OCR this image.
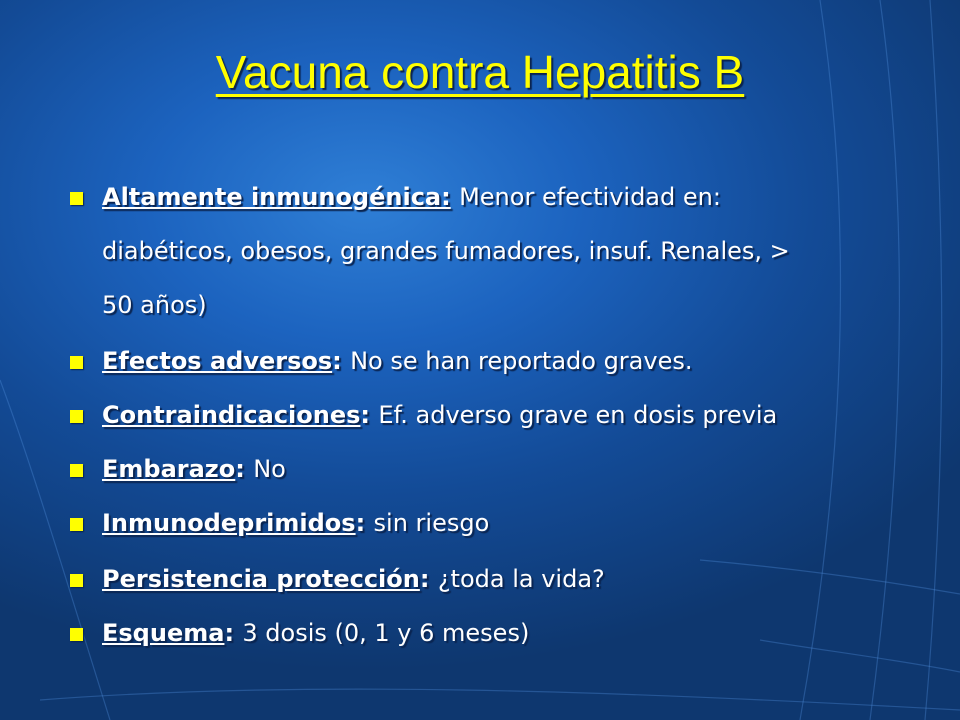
Vacuna contra Hepatitis B
Altamente inmunogénica: Menor efectividad en:
diabéticos, obesos, grandes fumadores, insuf. Renales, >
50 años)
Efectos adversos: No se han reportado graves.
Contraindicaciones: Ef. adverso grave en dosis previa
Embarazo: No
Inmunodeprimidos: sin riesgo
Persistencia protección: ¿toda la vida?
Esquema: 3 dosis (0, 1 y 6 meses)
